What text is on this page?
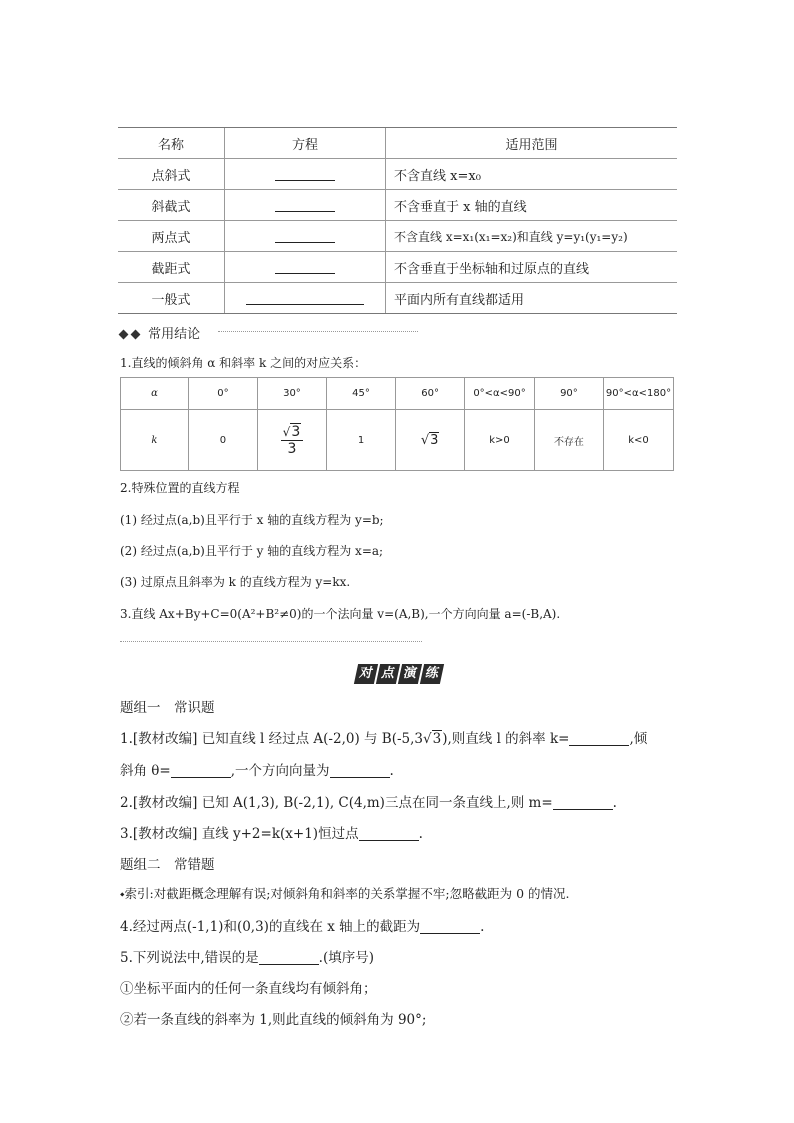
名称	方程	适用范围
点斜式		不含直线 x=x₀
斜截式		不含垂直于 x 轴的直线
两点式		不含直线 x=x₁(x₁=x₂)和直线 y=y₁(y₁=y₂)
截距式		不含垂直于坐标轴和过原点的直线
一般式		平面内所有直线都适用
常用结论
1.直线的倾斜角 α 和斜率 k 之间的对应关系：
α	0°	30°	45°	60°	0°<α<90°	90°	90°<α<180°
k	0	$\frac{√3}{3}$	1	√3	k>0	不存在	k<0
2.特殊位置的直线方程
(1) 经过点(a,b)且平行于 x 轴的直线方程为 y=b;
(2) 经过点(a,b)且平行于 y 轴的直线方程为 x=a;
(3) 过原点且斜率为 k 的直线方程为 y=kx.
3.直线 Ax+By+C=0(A²+B²≠0)的一个法向量 v=(A,B),一个方向向量 a=(-B,A).
对 点 演 练
题组一　常识题
1.[教材改编] 已知直线 l 经过点 A(-2,0) 与 B(-5,3√3),则直线 l 的斜率 k=	,倾
斜角 θ=	,一个方向向量为	.
2.[教材改编] 已知 A(1,3), B(-2,1), C(4,m)三点在同一条直线上,则 m=	.
3.[教材改编] 直线 y+2=k(x+1)恒过点	.
题组二　常错题
⬩索引:对截距概念理解有误;对倾斜角和斜率的关系掌握不牢;忽略截距为 0 的情况.
4.经过两点(-1,1)和(0,3)的直线在 x 轴上的截距为	.
5.下列说法中,错误的是	.(填序号)
①坐标平面内的任何一条直线均有倾斜角；
②若一条直线的斜率为 1,则此直线的倾斜角为 90°;
